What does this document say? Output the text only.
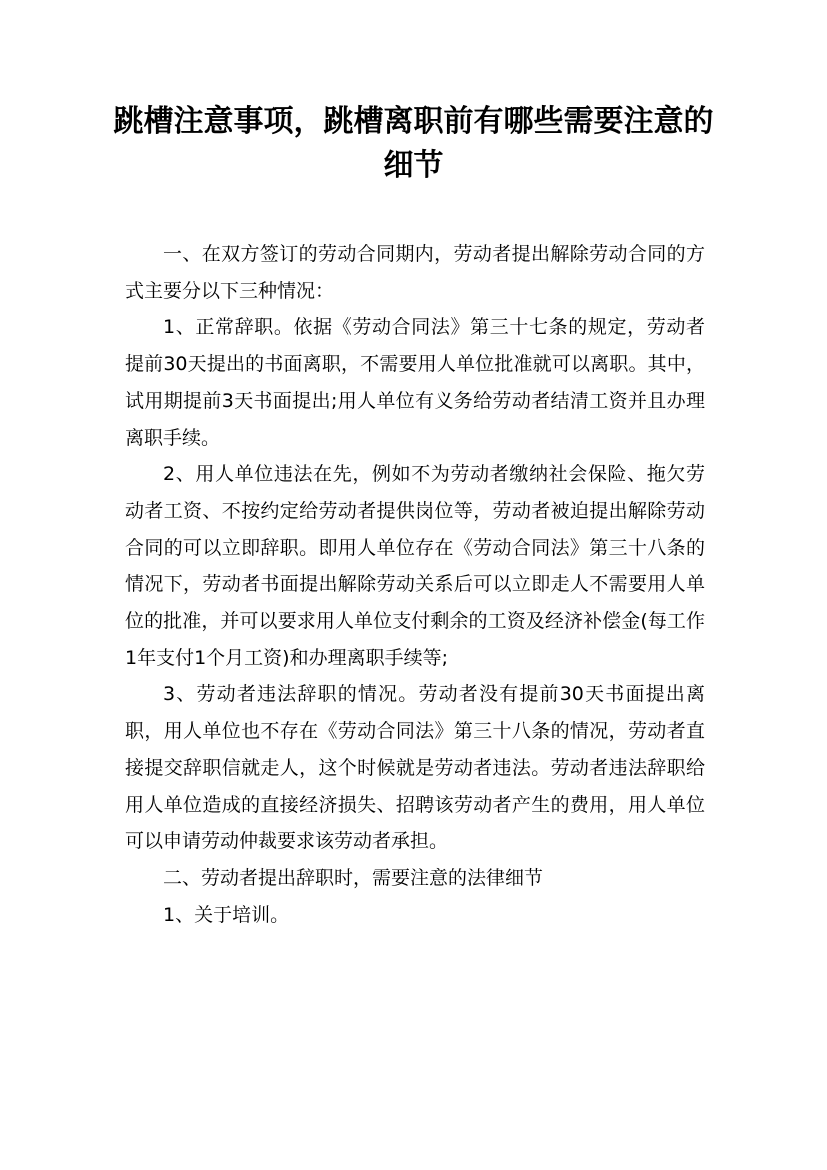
跳槽注意事项，跳槽离职前有哪些需要注意的细节

一、在双方签订的劳动合同期内，劳动者提出解除劳动合同的方式主要分以下三种情况：

1、正常辞职。依据《劳动合同法》第三十七条的规定，劳动者提前30天提出的书面离职，不需要用人单位批准就可以离职。其中，试用期提前3天书面提出;用人单位有义务给劳动者结清工资并且办理离职手续。

2、用人单位违法在先，例如不为劳动者缴纳社会保险、拖欠劳动者工资、不按约定给劳动者提供岗位等，劳动者被迫提出解除劳动合同的可以立即辞职。即用人单位存在《劳动合同法》第三十八条的情况下，劳动者书面提出解除劳动关系后可以立即走人不需要用人单位的批准，并可以要求用人单位支付剩余的工资及经济补偿金(每工作1年支付1个月工资)和办理离职手续等;

3、劳动者违法辞职的情况。劳动者没有提前30天书面提出离职，用人单位也不存在《劳动合同法》第三十八条的情况，劳动者直接提交辞职信就走人，这个时候就是劳动者违法。劳动者违法辞职给用人单位造成的直接经济损失、招聘该劳动者产生的费用，用人单位可以申请劳动仲裁要求该劳动者承担。

二、劳动者提出辞职时，需要注意的法律细节

1、关于培训。
